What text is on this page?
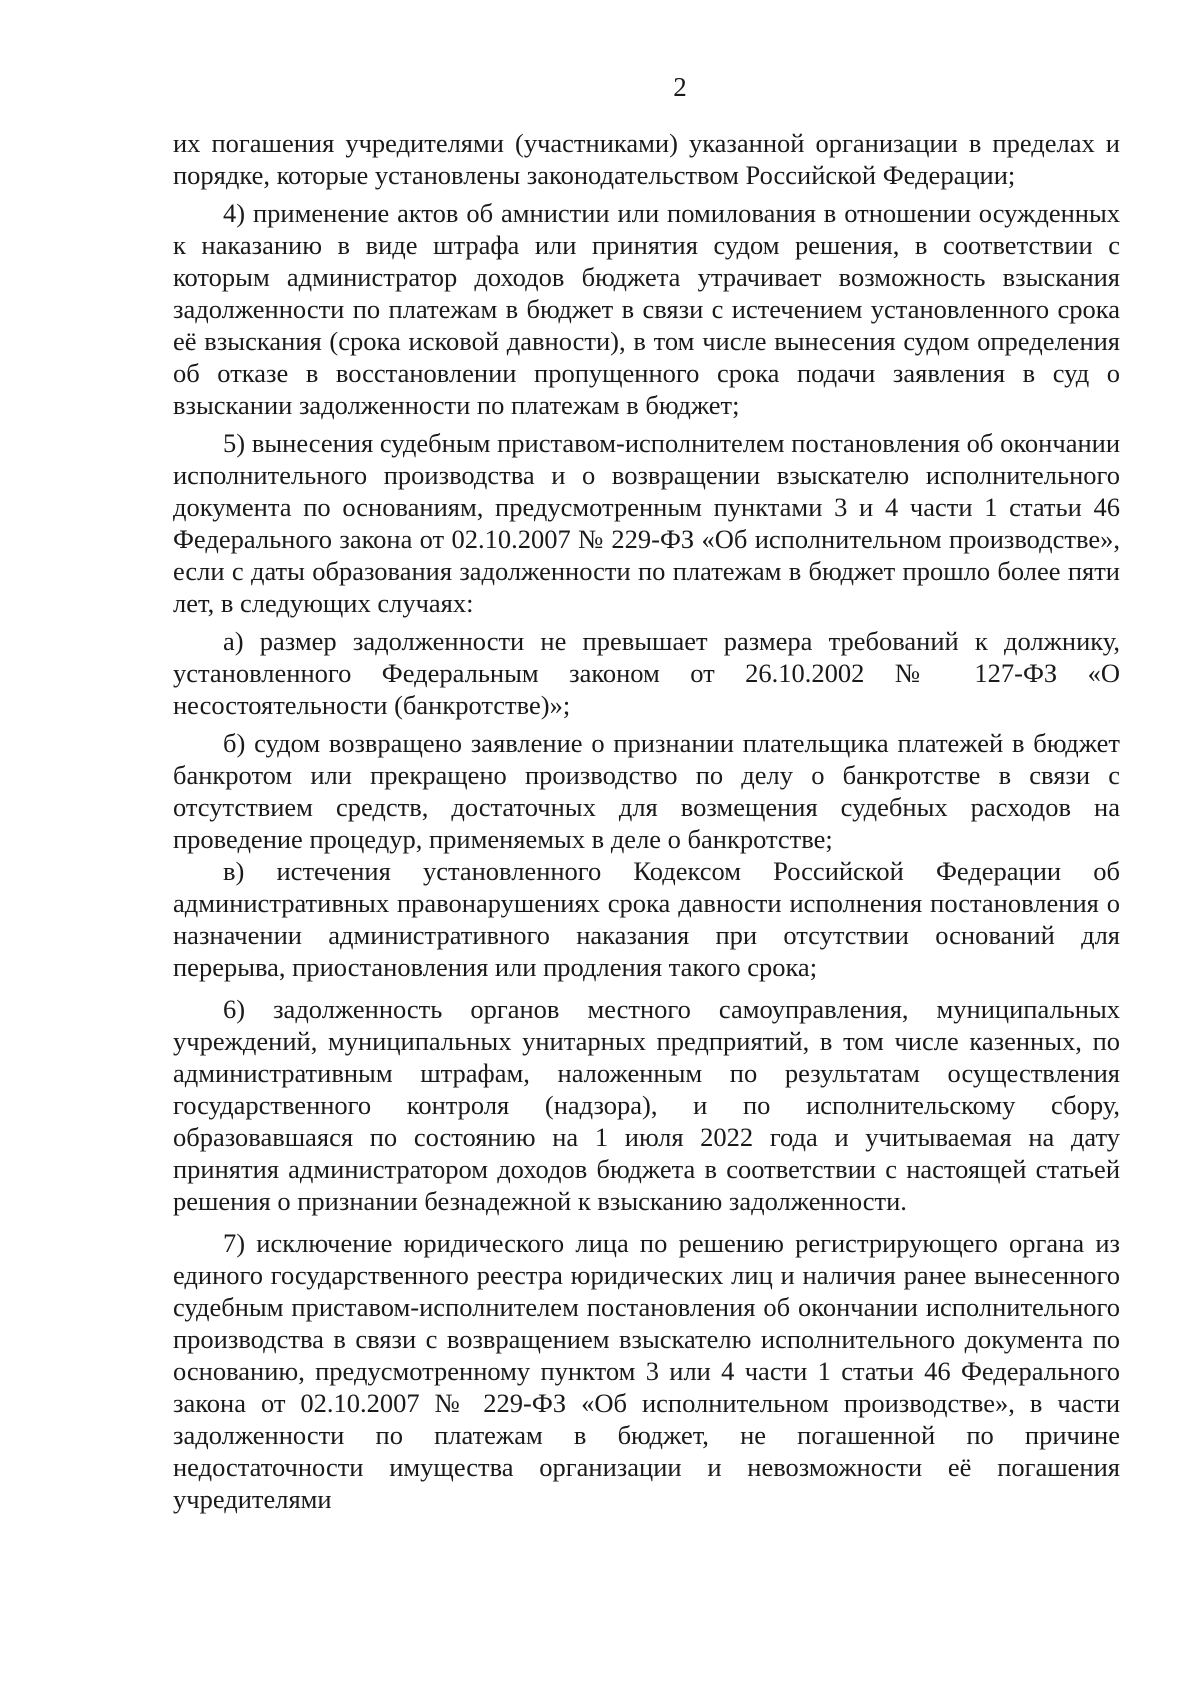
2

их погашения учредителями (участниками) указанной организации в пределах и порядке, которые установлены законодательством Российской Федерации;

4) применение актов об амнистии или помилования в отношении осужденных к наказанию в виде штрафа или принятия судом решения, в соответствии с которым администратор доходов бюджета утрачивает возможность взыскания задолженности по платежам в бюджет в связи с истечением установленного срока её взыскания (срока исковой давности), в том числе вынесения судом определения об отказе в восстановлении пропущенного срока подачи заявления в суд о взыскании задолженности по платежам в бюджет;

5) вынесения судебным приставом-исполнителем постановления об окончании исполнительного производства и о возвращении взыскателю исполнительного документа по основаниям, предусмотренным пунктами 3 и 4 части 1 статьи 46 Федерального закона от 02.10.2007 № 229-ФЗ «Об исполнительном производстве», если с даты образования задолженности по платежам в бюджет прошло более пяти лет, в следующих случаях:

а) размер задолженности не превышает размера требований к должнику, установленного Федеральным законом от 26.10.2002 № 127-ФЗ «О несостоятельности (банкротстве)»;

б) судом возвращено заявление о признании плательщика платежей в бюджет банкротом или прекращено производство по делу о банкротстве в связи с отсутствием средств, достаточных для возмещения судебных расходов на проведение процедур, применяемых в деле о банкротстве;

в) истечения установленного Кодексом Российской Федерации об административных правонарушениях срока давности исполнения постановления о назначении административного наказания при отсутствии оснований для перерыва, приостановления или продления такого срока;

6) задолженность органов местного самоуправления, муниципальных учреждений, муниципальных унитарных предприятий, в том числе казенных, по административным штрафам, наложенным по результатам осуществления государственного контроля (надзора), и по исполнительскому сбору, образовавшаяся по состоянию на 1 июля 2022 года и учитываемая на дату принятия администратором доходов бюджета в соответствии с настоящей статьей решения о признании безнадежной к взысканию задолженности.

7) исключение юридического лица по решению регистрирующего органа из единого государственного реестра юридических лиц и наличия ранее вынесенного судебным приставом-исполнителем постановления об окончании исполнительного производства в связи с возвращением взыскателю исполнительного документа по основанию, предусмотренному пунктом 3 или 4 части 1 статьи 46 Федерального закона от 02.10.2007 № 229-ФЗ «Об исполнительном производстве», в части задолженности по платежам в бюджет, не погашенной по причине недостаточности имущества организации и невозможности её погашения учредителями
